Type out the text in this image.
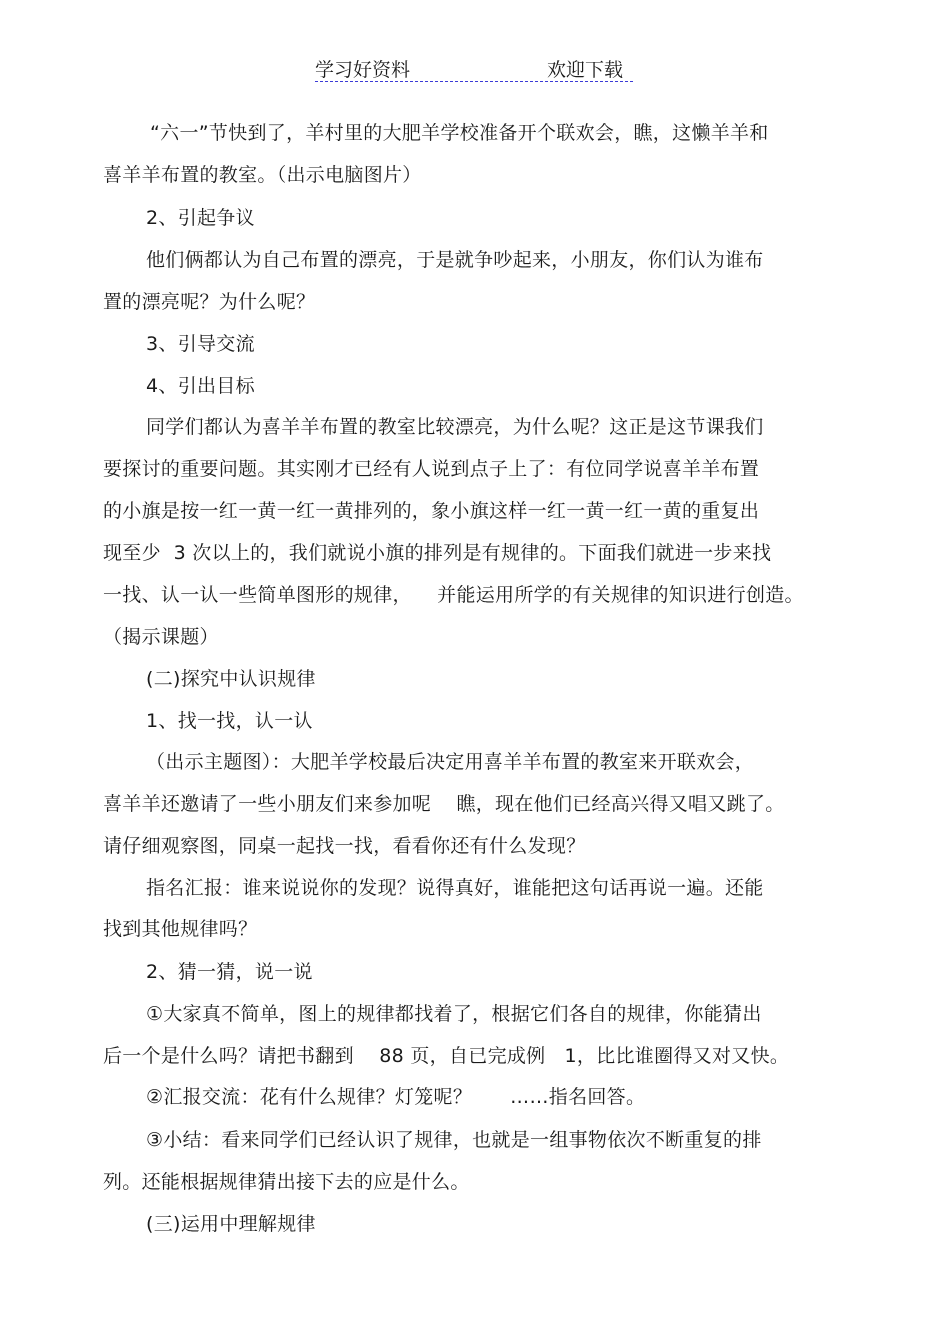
学习好资料	欢迎下载
“六一”节快到了，羊村里的大肥羊学校准备开个联欢会，瞧，这懒羊羊和
喜羊羊布置的教室。（出示电脑图片）
2、引起争议
他们俩都认为自己布置的漂亮，于是就争吵起来，小朋友，你们认为谁布
置的漂亮呢？为什么呢？
3、引导交流
4、引出目标
同学们都认为喜羊羊布置的教室比较漂亮，为什么呢？这正是这节课我们
要探讨的重要问题。其实刚才已经有人说到点子上了：有位同学说喜羊羊布置
的小旗是按一红一黄一红一黄排列的，象小旗这样一红一黄一红一黄的重复出
现至少  3 次以上的，我们就说小旗的排列是有规律的。下面我们就进一步来找
一找、认一认一些简单图形的规律，    并能运用所学的有关规律的知识进行创造。
（揭示课题）
(二)探究中认识规律
1、找一找，认一认
（出示主题图）：大肥羊学校最后决定用喜羊羊布置的教室来开联欢会，
喜羊羊还邀请了一些小朋友们来参加呢    瞧，现在他们已经高兴得又唱又跳了。
请仔细观察图，同桌一起找一找，看看你还有什么发现？
指名汇报：谁来说说你的发现？说得真好，谁能把这句话再说一遍。还能
找到其他规律吗？
2、猜一猜，说一说
①大家真不简单，图上的规律都找着了，根据它们各自的规律，你能猜出
后一个是什么吗？请把书翻到    88 页，自已完成例   1，比比谁圈得又对又快。
②汇报交流：花有什么规律？灯笼呢？      ……指名回答。
③小结：看来同学们已经认识了规律，也就是一组事物依次不断重复的排
列。还能根据规律猜出接下去的应是什么。
(三)运用中理解规律
